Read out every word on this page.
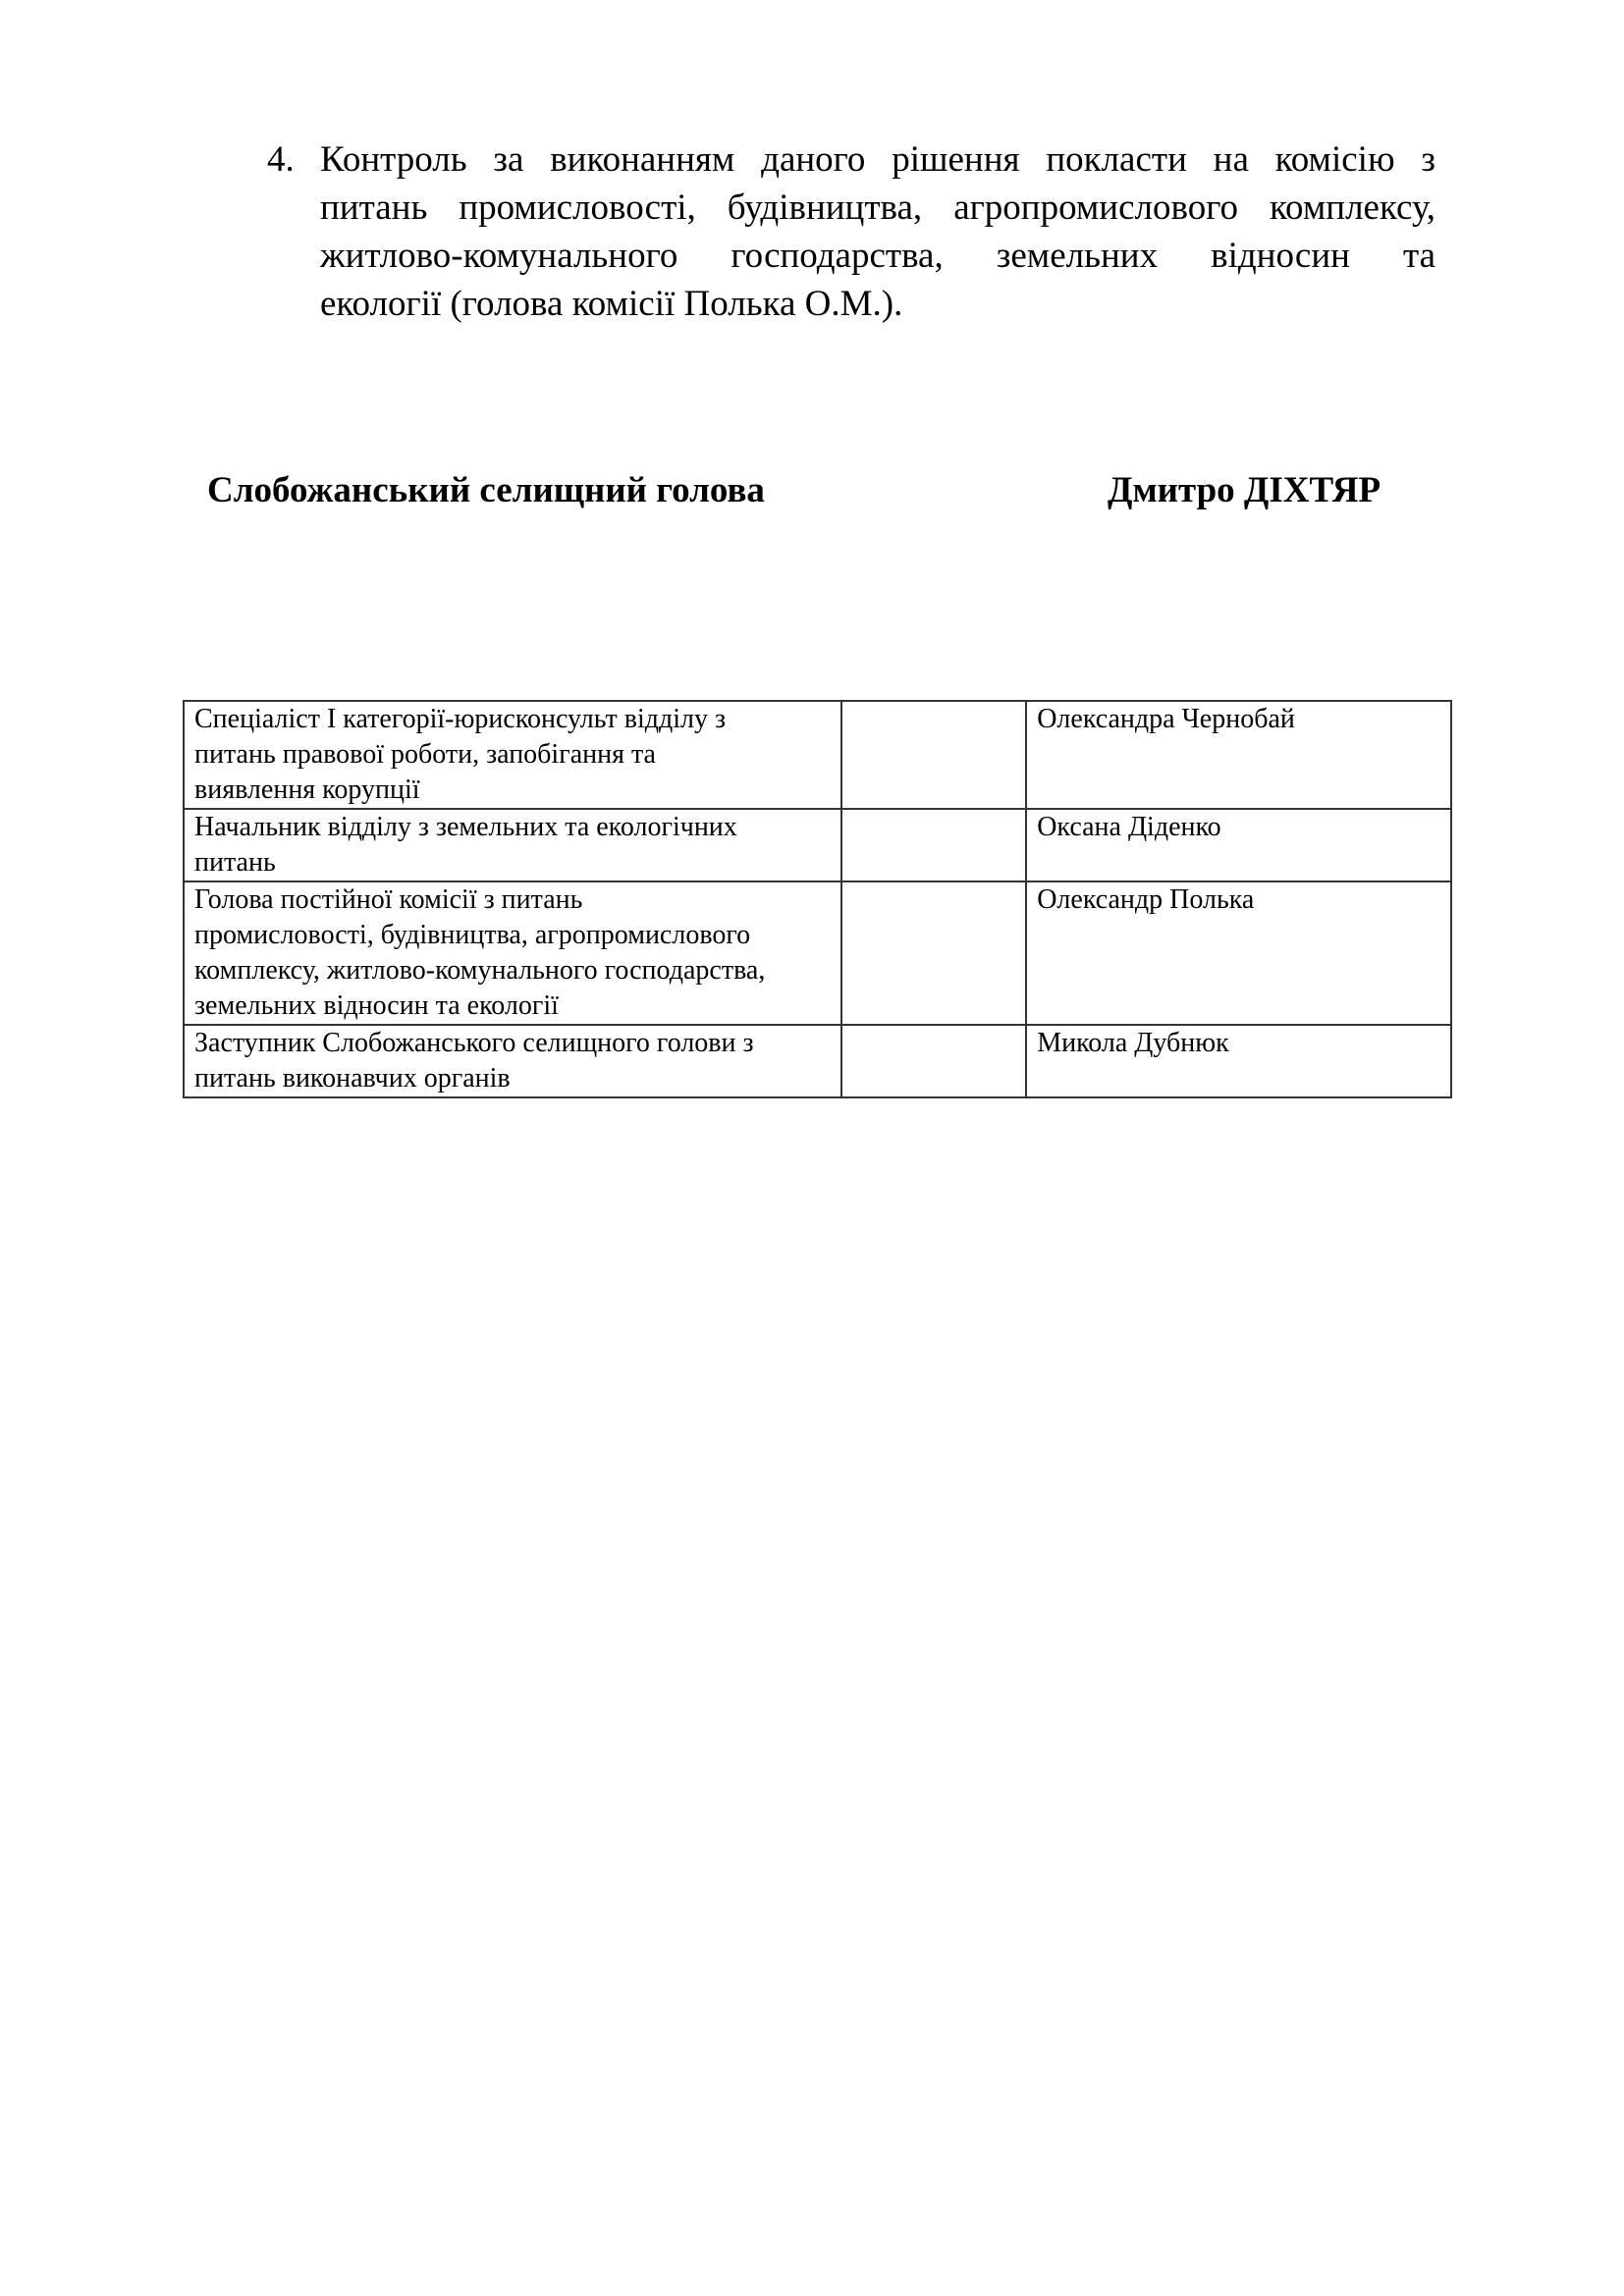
4. Контроль за виконанням даного рішення покласти на комісію з
питань промисловості, будівництва, агропромислового комплексу,
житлово-комунального господарства, земельних відносин та
екології (голова комісії Полька О.М.).
Слобожанський селищний голова	Дмитро ДІХТЯР
Спеціаліст І категорії-юрисконсульт відділу з
питань правової роботи, запобігання та
виявлення корупції		Олександра Чернобай

Начальник відділу з земельних та екологічних
питань		Оксана Діденко

Голова постійної комісії з питань
промисловості, будівництва, агропромислового
комплексу, житлово-комунального господарства,
земельних відносин та екології		Олександр Полька

Заступник Слобожанського селищного голови з
питань виконавчих органів		Микола Дубнюк
